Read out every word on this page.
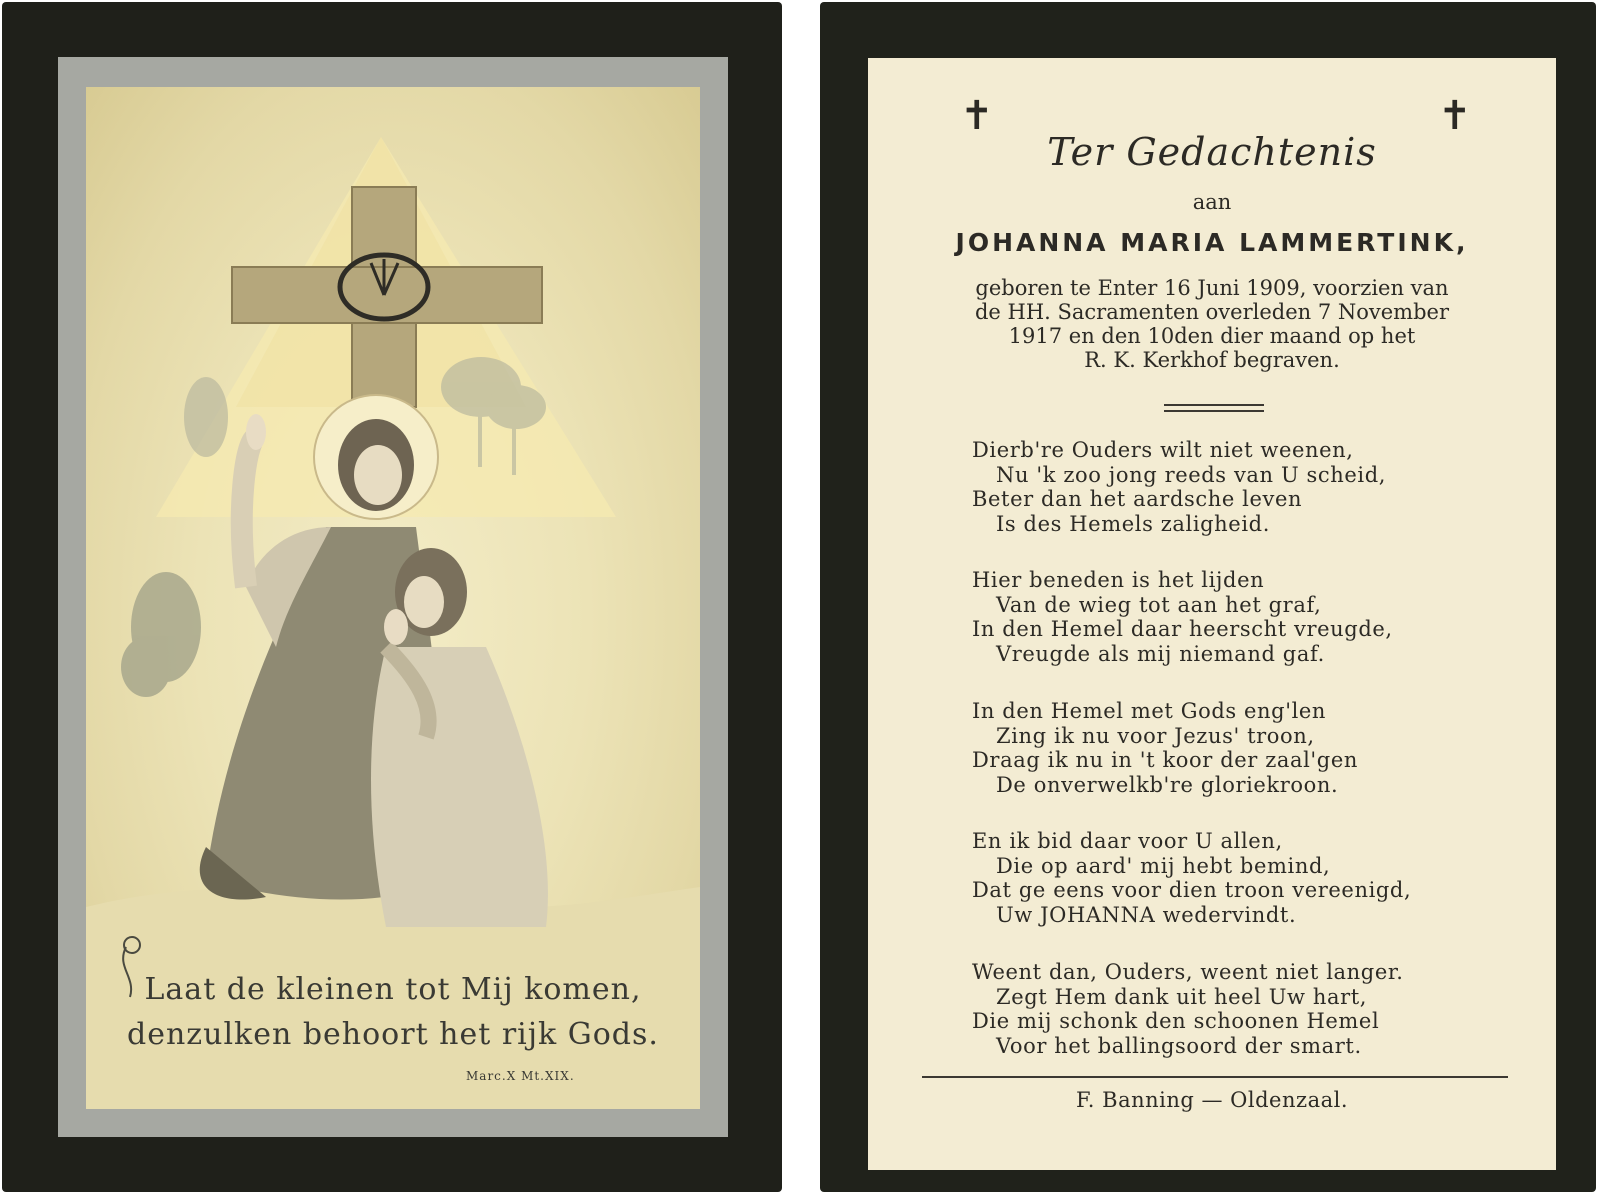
Laat de kleinen tot Mij komen,
denzulken behoort het rijk Gods.
Marc.X Mt.XIX.
✝	✝
Ter Gedachtenis
aan
JOHANNA MARIA LAMMERTINK,
geboren te Enter 16 Juni 1909, voorzien van
de HH. Sacramenten overleden 7 November
1917 en den 10den dier maand op het
R. K. Kerkhof begraven.
Dierb're Ouders wilt niet weenen,
Nu 'k zoo jong reeds van U scheid,
Beter dan het aardsche leven
Is des Hemels zaligheid.
Hier beneden is het lijden
Van de wieg tot aan het graf,
In den Hemel daar heerscht vreugde,
Vreugde als mij niemand gaf.
In den Hemel met Gods eng'len
Zing ik nu voor Jezus' troon,
Draag ik nu in 't koor der zaal'gen
De onverwelkb're gloriekroon.
En ik bid daar voor U allen,
Die op aard' mij hebt bemind,
Dat ge eens voor dien troon vereenigd,
Uw JOHANNA wedervindt.
Weent dan, Ouders, weent niet langer.
Zegt Hem dank uit heel Uw hart,
Die mij schonk den schoonen Hemel
Voor het ballingsoord der smart.
F. Banning — Oldenzaal.
